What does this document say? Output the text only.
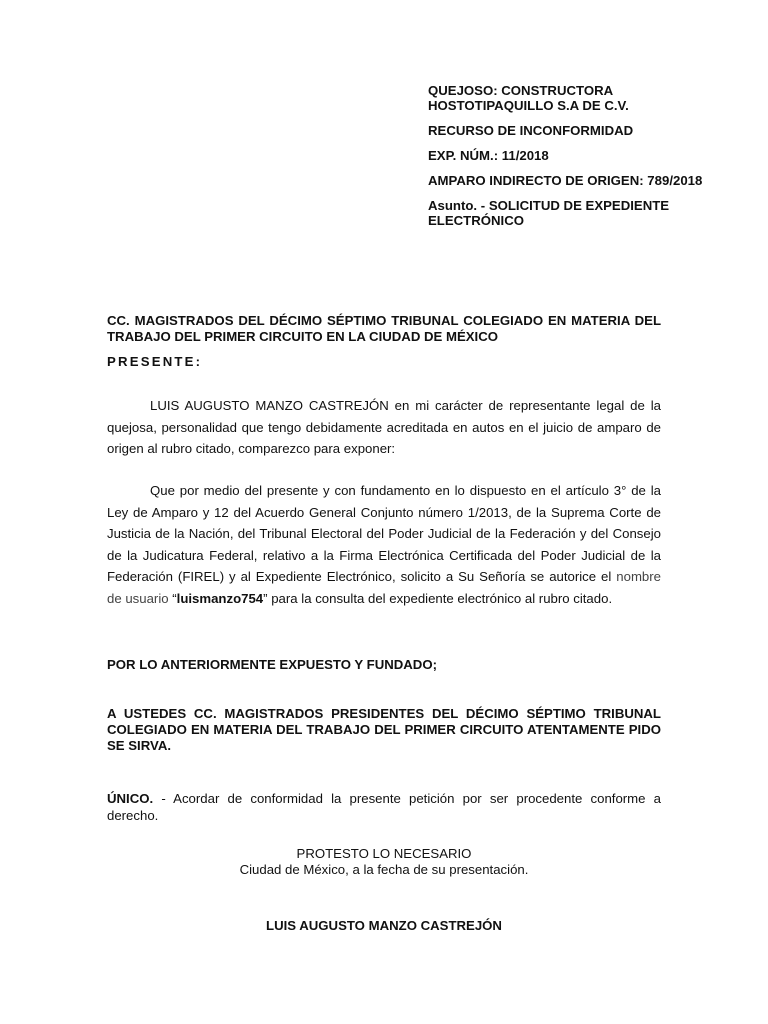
QUEJOSO: CONSTRUCTORA HOSTOTIPAQUILLO S.A DE C.V.

RECURSO DE INCONFORMIDAD

EXP. NÚM.: 11/2018

AMPARO INDIRECTO DE ORIGEN: 789/2018

Asunto. - SOLICITUD DE EXPEDIENTE ELECTRÓNICO

CC. MAGISTRADOS DEL DÉCIMO SÉPTIMO TRIBUNAL COLEGIADO EN MATERIA DEL TRABAJO DEL PRIMER CIRCUITO EN LA CIUDAD DE MÉXICO
PRESENTE:

LUIS AUGUSTO MANZO CASTREJÓN en mi carácter de representante legal de la quejosa, personalidad que tengo debidamente acreditada en autos en el juicio de amparo de origen al rubro citado, comparezco para exponer:

Que por medio del presente y con fundamento en lo dispuesto en el artículo 3° de la Ley de Amparo y 12 del Acuerdo General Conjunto número 1/2013, de la Suprema Corte de Justicia de la Nación, del Tribunal Electoral del Poder Judicial de la Federación y del Consejo de la Judicatura Federal, relativo a la Firma Electrónica Certificada del Poder Judicial de la Federación (FIREL) y al Expediente Electrónico, solicito a Su Señoría se autorice el nombre de usuario “luismanzo754” para la consulta del expediente electrónico al rubro citado.

POR LO ANTERIORMENTE EXPUESTO Y FUNDADO;
A USTEDES CC. MAGISTRADOS PRESIDENTES DEL DÉCIMO SÉPTIMO TRIBUNAL COLEGIADO EN MATERIA DEL TRABAJO DEL PRIMER CIRCUITO ATENTAMENTE PIDO SE SIRVA.
ÚNICO. - Acordar de conformidad la presente petición por ser procedente conforme a derecho.
PROTESTO LO NECESARIO
Ciudad de México, a la fecha de su presentación.
LUIS AUGUSTO MANZO CASTREJÓN
